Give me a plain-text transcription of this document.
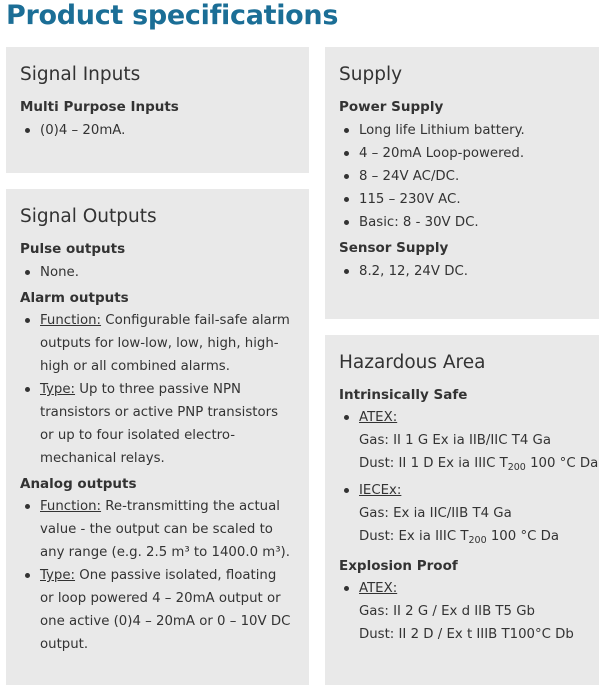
Product specifications
Signal Inputs
Multi Purpose Inputs
(0)4 – 20mA.
Signal Outputs
Pulse outputs
None.
Alarm outputs
Function: Configurable fail-safe alarm
outputs for low-low, low, high, high-
high or all combined alarms.
Type: Up to three passive NPN
transistors or active PNP transistors
or up to four isolated electro-
mechanical relays.
Analog outputs
Function: Re-transmitting the actual
value - the output can be scaled to
any range (e.g. 2.5 m³ to 1400.0 m³).
Type: One passive isolated, floating
or loop powered 4 – 20mA output or
one active (0)4 – 20mA or 0 – 10V DC
output.
Supply
Power Supply
Long life Lithium battery.
4 – 20mA Loop-powered.
8 – 24V AC/DC.
115 – 230V AC.
Basic: 8 - 30V DC.
Sensor Supply
8.2, 12, 24V DC.
Hazardous Area
Intrinsically Safe
ATEX:
Gas: II 1 G Ex ia IIB/IIC T4 Ga
Dust: II 1 D Ex ia IIIC $T_{200}$ 100 °C Da
IECEx:
Gas: Ex ia IIC/IIB T4 Ga
Dust: Ex ia IIIC $T_{200}$ 100 °C Da
Explosion Proof
ATEX:
Gas: II 2 G / Ex d IIB T5 Gb
Dust: II 2 D / Ex t IIIB T100°C Db
